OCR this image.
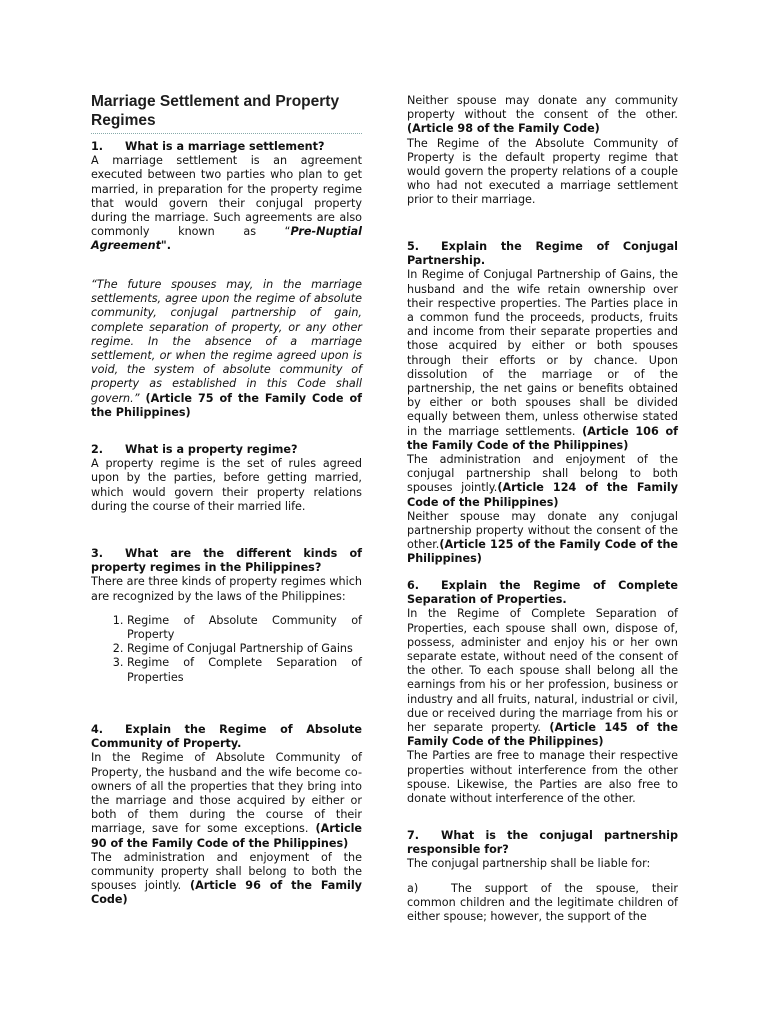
Marriage Settlement and Property Regimes

1. What is a marriage settlement?

A marriage settlement is an agreement executed between two parties who plan to get married, in preparation for the property regime that would govern their conjugal property during the marriage. Such agreements are also commonly known as “Pre-Nuptial Agreement".

“The future spouses may, in the marriage settlements, agree upon the regime of absolute community, conjugal partnership of gain, complete separation of property, or any other regime. In the absence of a marriage settlement, or when the regime agreed upon is void, the system of absolute community of property as established in this Code shall govern.” (Article 75 of the Family Code of the Philippines)

2. What is a property regime?

A property regime is the set of rules agreed upon by the parties, before getting married, which would govern their property relations during the course of their married life.

3. What are the different kinds of property regimes in the Philippines?

There are three kinds of property regimes which are recognized by the laws of the Philippines:

1. Regime of Absolute Community of Property
2. Regime of Conjugal Partnership of Gains
3. Regime of Complete Separation of Properties

4. Explain the Regime of Absolute Community of Property.

In the Regime of Absolute Community of Property, the husband and the wife become co-owners of all the properties that they bring into the marriage and those acquired by either or both of them during the course of their marriage, save for some exceptions. (Article 90 of the Family Code of the Philippines)

The administration and enjoyment of the community property shall belong to both the spouses jointly. (Article 96 of the Family Code)

Neither spouse may donate any community property without the consent of the other. (Article 98 of the Family Code)

The Regime of the Absolute Community of Property is the default property regime that would govern the property relations of a couple who had not executed a marriage settlement prior to their marriage.

5. Explain the Regime of Conjugal Partnership.

In Regime of Conjugal Partnership of Gains, the husband and the wife retain ownership over their respective properties. The Parties place in a common fund the proceeds, products, fruits and income from their separate properties and those acquired by either or both spouses through their efforts or by chance. Upon dissolution of the marriage or of the partnership, the net gains or benefits obtained by either or both spouses shall be divided equally between them, unless otherwise stated in the marriage settlements. (Article 106 of the Family Code of the Philippines)

The administration and enjoyment of the conjugal partnership shall belong to both spouses jointly.(Article 124 of the Family Code of the Philippines)

Neither spouse may donate any conjugal partnership property without the consent of the other.(Article 125 of the Family Code of the Philippines)

6. Explain the Regime of Complete Separation of Properties.

In the Regime of Complete Separation of Properties, each spouse shall own, dispose of, possess, administer and enjoy his or her own separate estate, without need of the consent of the other. To each spouse shall belong all the earnings from his or her profession, business or industry and all fruits, natural, industrial or civil, due or received during the marriage from his or her separate property. (Article 145 of the Family Code of the Philippines)

The Parties are free to manage their respective properties without interference from the other spouse. Likewise, the Parties are also free to donate without interference of the other.

7. What is the conjugal partnership responsible for?

The conjugal partnership shall be liable for:

a)	The support of the spouse, their common children and the legitimate children of either spouse; however, the support of the
